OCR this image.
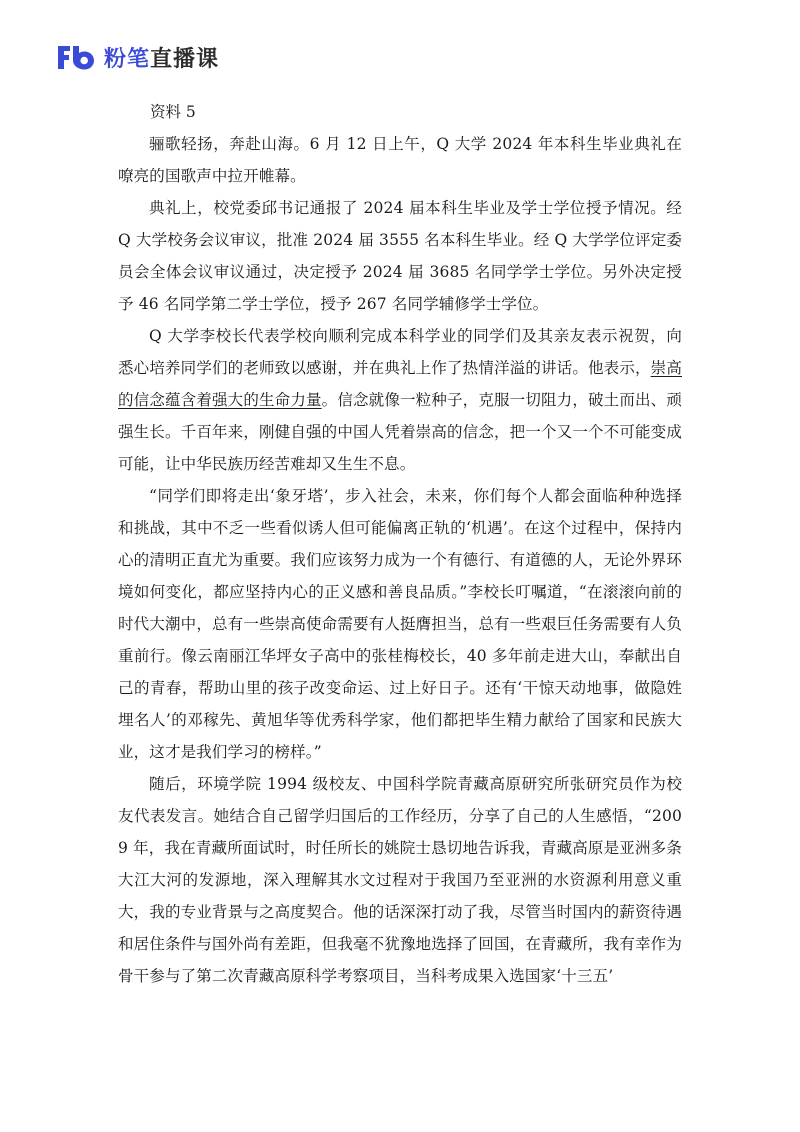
粉笔直播课
资料 5

骊歌轻扬，奔赴山海。6 月 12 日上午，Q 大学 2024 年本科生毕业典礼在嘹亮的国歌声中拉开帷幕。

典礼上，校党委邱书记通报了 2024 届本科生毕业及学士学位授予情况。经 Q 大学校务会议审议，批准 2024 届 3555 名本科生毕业。经 Q 大学学位评定委员会全体会议审议通过，决定授予 2024 届 3685 名同学学士学位。另外决定授予 46 名同学第二学士学位，授予 267 名同学辅修学士学位。

Q 大学李校长代表学校向顺利完成本科学业的同学们及其亲友表示祝贺，向悉心培养同学们的老师致以感谢，并在典礼上作了热情洋溢的讲话。他表示，崇高的信念蕴含着强大的生命力量。信念就像一粒种子，克服一切阻力，破土而出、顽强生长。千百年来，刚健自强的中国人凭着崇高的信念，把一个又一个不可能变成可能，让中华民族历经苦难却又生生不息。

“同学们即将走出‘象牙塔’，步入社会，未来，你们每个人都会面临种种选择和挑战，其中不乏一些看似诱人但可能偏离正轨的‘机遇’。在这个过程中，保持内心的清明正直尤为重要。我们应该努力成为一个有德行、有道德的人，无论外界环境如何变化，都应坚持内心的正义感和善良品质。”李校长叮嘱道，“在滚滚向前的时代大潮中，总有一些崇高使命需要有人挺膺担当，总有一些艰巨任务需要有人负重前行。像云南丽江华坪女子高中的张桂梅校长，40 多年前走进大山，奉献出自己的青春，帮助山里的孩子改变命运、过上好日子。还有‘干惊天动地事，做隐姓埋名人’的邓稼先、黄旭华等优秀科学家，他们都把毕生精力献给了国家和民族大业，这才是我们学习的榜样。”

随后，环境学院 1994 级校友、中国科学院青藏高原研究所张研究员作为校友代表发言。她结合自己留学归国后的工作经历，分享了自己的人生感悟，“2009 年，我在青藏所面试时，时任所长的姚院士恳切地告诉我，青藏高原是亚洲多条大江大河的发源地，深入理解其水文过程对于我国乃至亚洲的水资源利用意义重大，我的专业背景与之高度契合。他的话深深打动了我，尽管当时国内的薪资待遇和居住条件与国外尚有差距，但我毫不犹豫地选择了回国，在青藏所，我有幸作为骨干参与了第二次青藏高原科学考察项目，当科考成果入选国家‘十三五’
